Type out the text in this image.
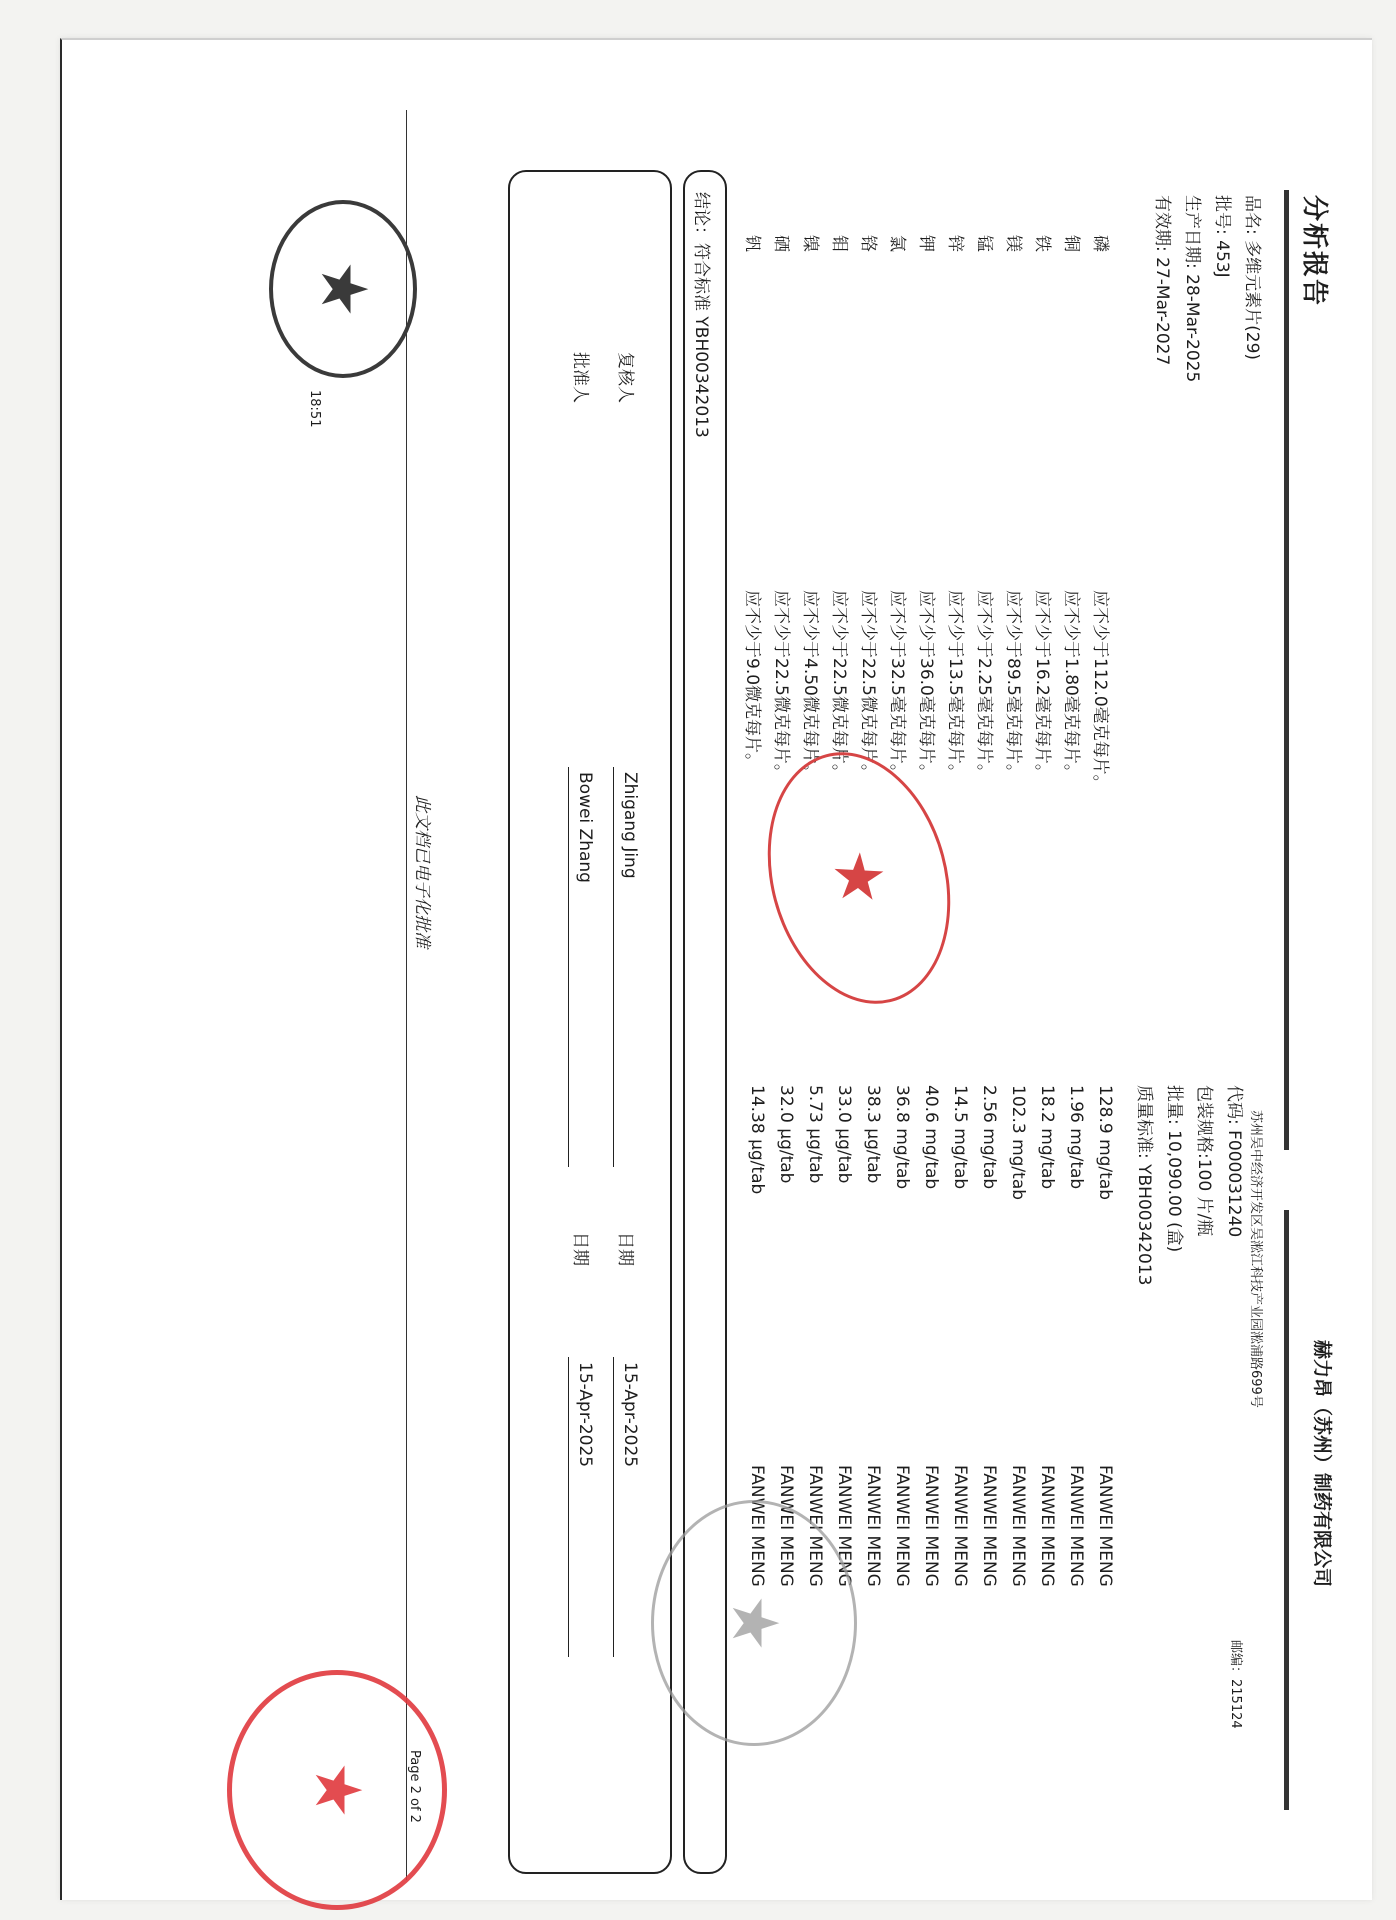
分析报告
赫力昂（苏州）制药有限公司
苏州吴中经济开发区吴淞江科技产业园淞浦路699号
邮编：215124
品名: 多维元素片(29)
批号: 453J
生产日期: 28-Mar-2025
有效期: 27-Mar-2027
代码: F000031240
包装规格:100 片/瓶
批量: 10,090.00 (盒)
质量标准: YBH00342013
磷
应不少于112.0毫克每片。
128.9 mg/tab
FANWEI MENG
铜
应不少于1.80毫克每片。
1.96 mg/tab
FANWEI MENG
铁
应不少于16.2毫克每片。
18.2 mg/tab
FANWEI MENG
镁
应不少于89.5毫克每片。
102.3 mg/tab
FANWEI MENG
锰
应不少于2.25毫克每片。
2.56 mg/tab
FANWEI MENG
锌
应不少于13.5毫克每片。
14.5 mg/tab
FANWEI MENG
钾
应不少于36.0毫克每片。
40.6 mg/tab
FANWEI MENG
氯
应不少于32.5毫克每片。
36.8 mg/tab
FANWEI MENG
铬
应不少于22.5微克每片。
38.3 µg/tab
FANWEI MENG
钼
应不少于22.5微克每片。
33.0 µg/tab
FANWEI MENG
镍
应不少于4.50微克每片。
5.73 µg/tab
FANWEI MENG
硒
应不少于22.5微克每片。
32.0 µg/tab
FANWEI MENG
钒
应不少于9.0微克每片。
14.38 µg/tab
FANWEI MENG
结论：符合标准 YBH00342013
复核人
Zhigang Jing
日期
15-Apr-2025
批准人
Bowei Zhang
日期
15-Apr-2025
此文档已电子化批准
Page 2 of 2
18:51
★
★
★
★
